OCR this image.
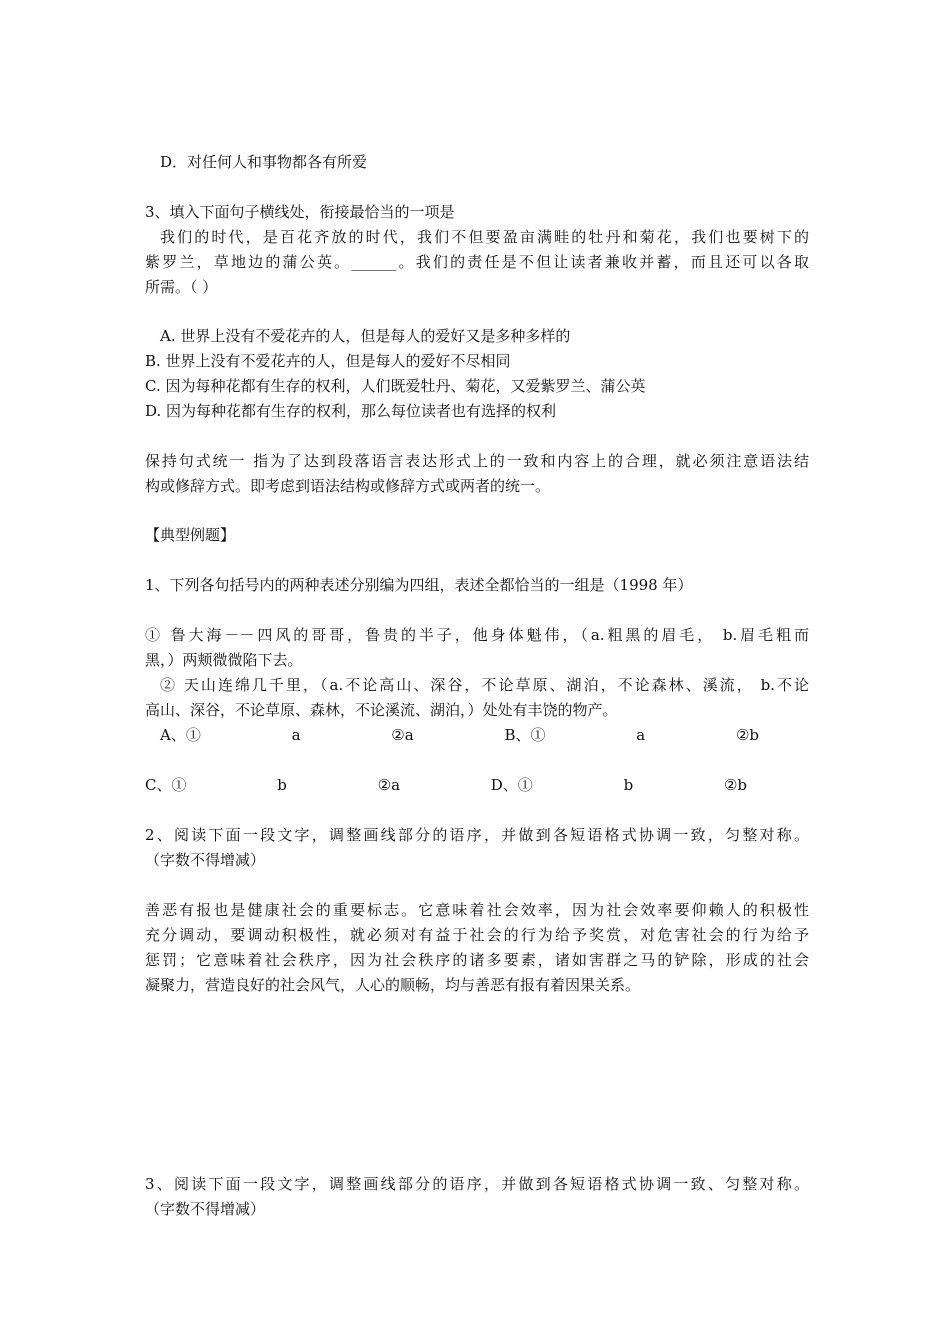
D．对任何人和事物都各有所爱
3、填入下面句子横线处，衔接最恰当的一项是
我们的时代，是百花齐放的时代，我们不但要盈亩满畦的牡丹和菊花，我们也要树下的
紫罗兰，草地边的蒲公英。______。我们的责任是不但让读者兼收并蓄，而且还可以各取
所需。（ ）
A. 世界上没有不爱花卉的人，但是每人的爱好又是多种多样的
B. 世界上没有不爱花卉的人，但是每人的爱好不尽相同
C. 因为每种花都有生存的权利，人们既爱牡丹、菊花，又爱紫罗兰、蒲公英
D. 因为每种花都有生存的权利，那么每位读者也有选择的权利
保持句式统一 指为了达到段落语言表达形式上的一致和内容上的合理，就必须注意语法结
构或修辞方式。即考虑到语法结构或修辞方式或两者的统一。
【典型例题】
1、下列各句括号内的两种表述分别编为四组，表述全都恰当的一组是（1998 年）
① 鲁大海－－四风的哥哥，鲁贵的半子，他身体魁伟，（a.粗黑的眉毛， b.眉毛粗而
黑，）两颊微微陷下去。
② 天山连绵几千里，（a.不论高山、深谷，不论草原、湖泊，不论森林、溪流， b.不论
高山、深谷，不论草原、森林，不论溪流、湖泊，）处处有丰饶的物产。
A、① a ②a B、① a ②b
C、① b ②a D、① b ②b
2、阅读下面一段文字，调整画线部分的语序，并做到各短语格式协调一致，匀整对称。
（字数不得增减）
善恶有报也是健康社会的重要标志。它意味着社会效率，因为社会效率要仰赖人的积极性
充分调动，要调动积极性，就必须对有益于社会的行为给予奖赏，对危害社会的行为给予
惩罚；它意味着社会秩序，因为社会秩序的诸多要素，诸如害群之马的铲除，形成的社会
凝聚力，营造良好的社会风气，人心的顺畅，均与善恶有报有着因果关系。
3、阅读下面一段文字，调整画线部分的语序，并做到各短语格式协调一致、匀整对称。
（字数不得增减）
